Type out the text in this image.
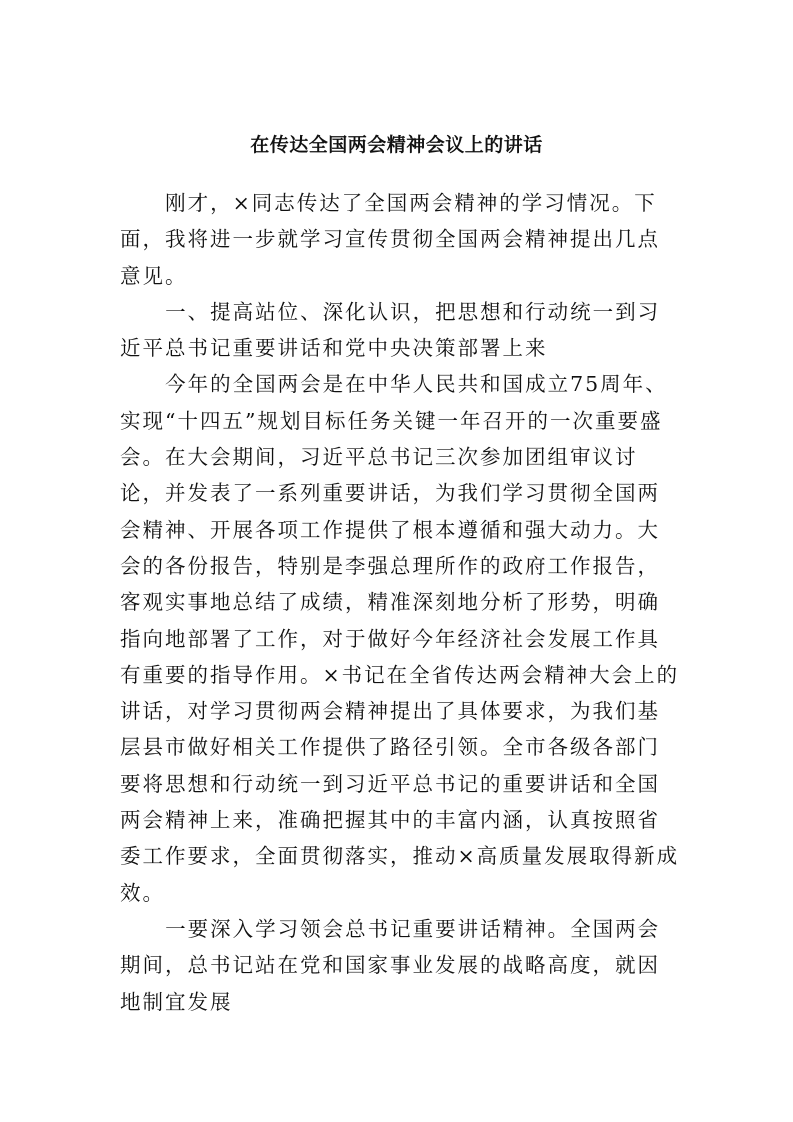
在传达全国两会精神会议上的讲话

刚才，×同志传达了全国两会精神的学习情况。下面，我将进一步就学习宣传贯彻全国两会精神提出几点意见。

一、提高站位、深化认识，把思想和行动统一到习近平总书记重要讲话和党中央决策部署上来

今年的全国两会是在中华人民共和国成立75周年、实现“十四五”规划目标任务关键一年召开的一次重要盛会。在大会期间，习近平总书记三次参加团组审议讨论，并发表了一系列重要讲话，为我们学习贯彻全国两会精神、开展各项工作提供了根本遵循和强大动力。大会的各份报告，特别是李强总理所作的政府工作报告，客观实事地总结了成绩，精准深刻地分析了形势，明确指向地部署了工作，对于做好今年经济社会发展工作具有重要的指导作用。×书记在全省传达两会精神大会上的讲话，对学习贯彻两会精神提出了具体要求，为我们基层县市做好相关工作提供了路径引领。全市各级各部门要将思想和行动统一到习近平总书记的重要讲话和全国两会精神上来，准确把握其中的丰富内涵，认真按照省委工作要求，全面贯彻落实，推动×高质量发展取得新成效。

一要深入学习领会总书记重要讲话精神。全国两会期间，总书记站在党和国家事业发展的战略高度，就因地制宜发展
